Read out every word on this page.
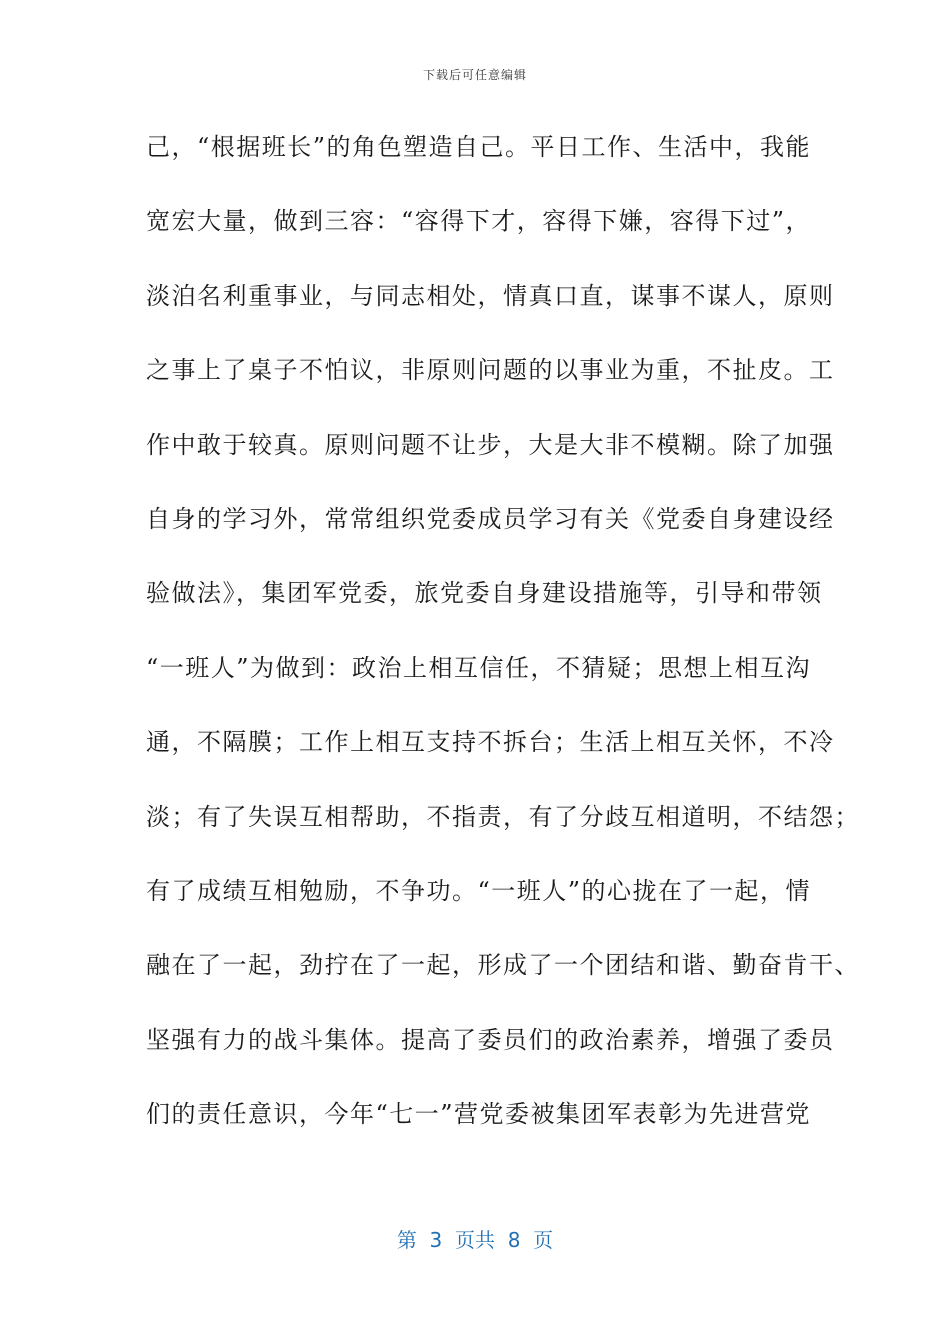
下载后可任意编辑
己，“根据班长”的角色塑造自己。平日工作、生活中，我能
宽宏大量，做到三容：“容得下才，容得下嫌，容得下过”，
淡泊名利重事业，与同志相处，情真口直，谋事不谋人，原则
之事上了桌子不怕议，非原则问题的以事业为重，不扯皮。工
作中敢于较真。原则问题不让步，大是大非不模糊。除了加强
自身的学习外，常常组织党委成员学习有关《党委自身建设经
验做法》，集团军党委，旅党委自身建设措施等，引导和带领
“一班人”为做到：政治上相互信任，不猜疑；思想上相互沟
通，不隔膜；工作上相互支持不拆台；生活上相互关怀，不冷
淡；有了失误互相帮助，不指责，有了分歧互相道明，不结怨；
有了成绩互相勉励，不争功。“一班人”的心拢在了一起，情
融在了一起，劲拧在了一起，形成了一个团结和谐、勤奋肯干、
坚强有力的战斗集体。提高了委员们的政治素养，增强了委员
们的责任意识，今年“七一”营党委被集团军表彰为先进营党
第  3  页共  8  页
